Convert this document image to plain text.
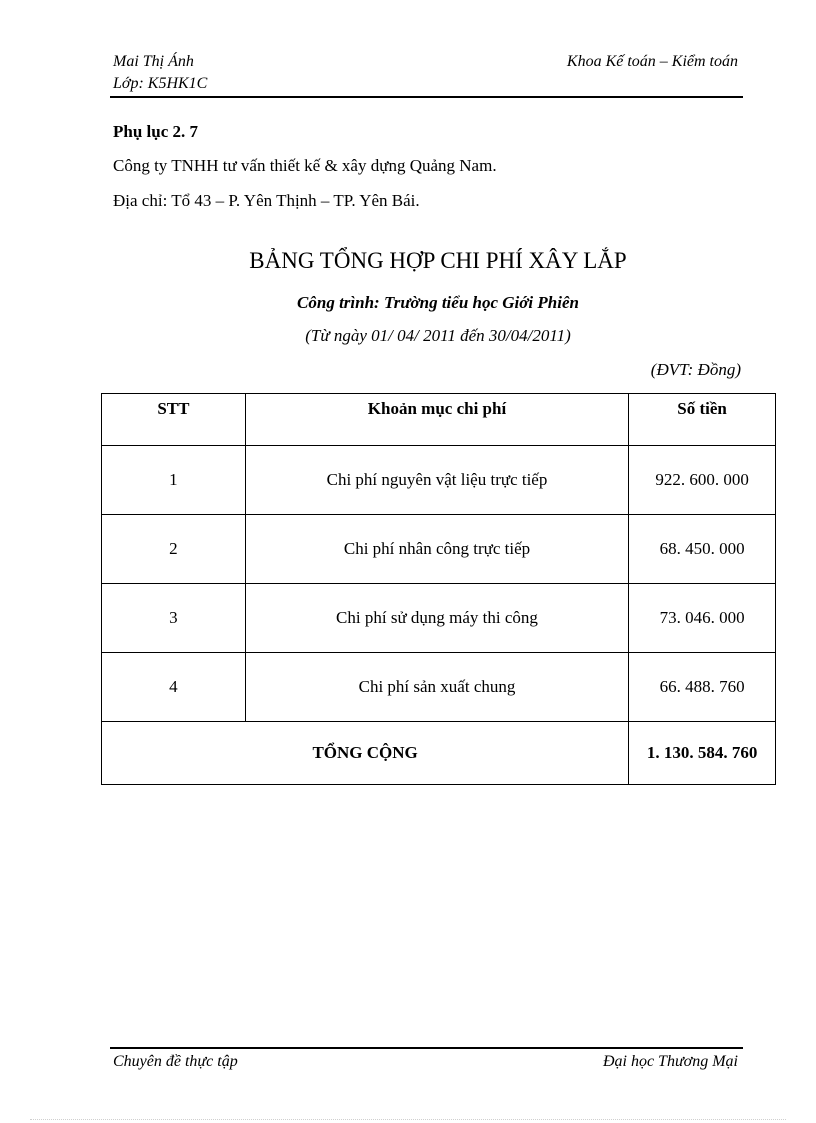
Mai Thị Ánh
Lớp: K5HK1C
Khoa Kế toán – Kiểm toán
Phụ lục 2. 7
Công ty TNHH tư vấn thiết kế & xây dựng Quảng Nam.
Địa chỉ: Tổ 43 – P. Yên Thịnh – TP. Yên Bái.
BẢNG TỔNG HỢP CHI PHÍ XÂY LẮP
Công trình: Trường tiểu học Giới Phiên
(Từ ngày 01/ 04/ 2011 đến 30/04/2011)
(ĐVT: Đồng)
STT	Khoản mục chi phí	Số tiền
1	Chi phí nguyên vật liệu trực tiếp	922. 600. 000
2	Chi phí nhân công trực tiếp	68. 450. 000
3	Chi phí sử dụng máy thi công	73. 046. 000
4	Chi phí sản xuất chung	66. 488. 760
TỔNG CỘNG		1. 130. 584. 760
Chuyên đề thực tập	Đại học Thương Mại
